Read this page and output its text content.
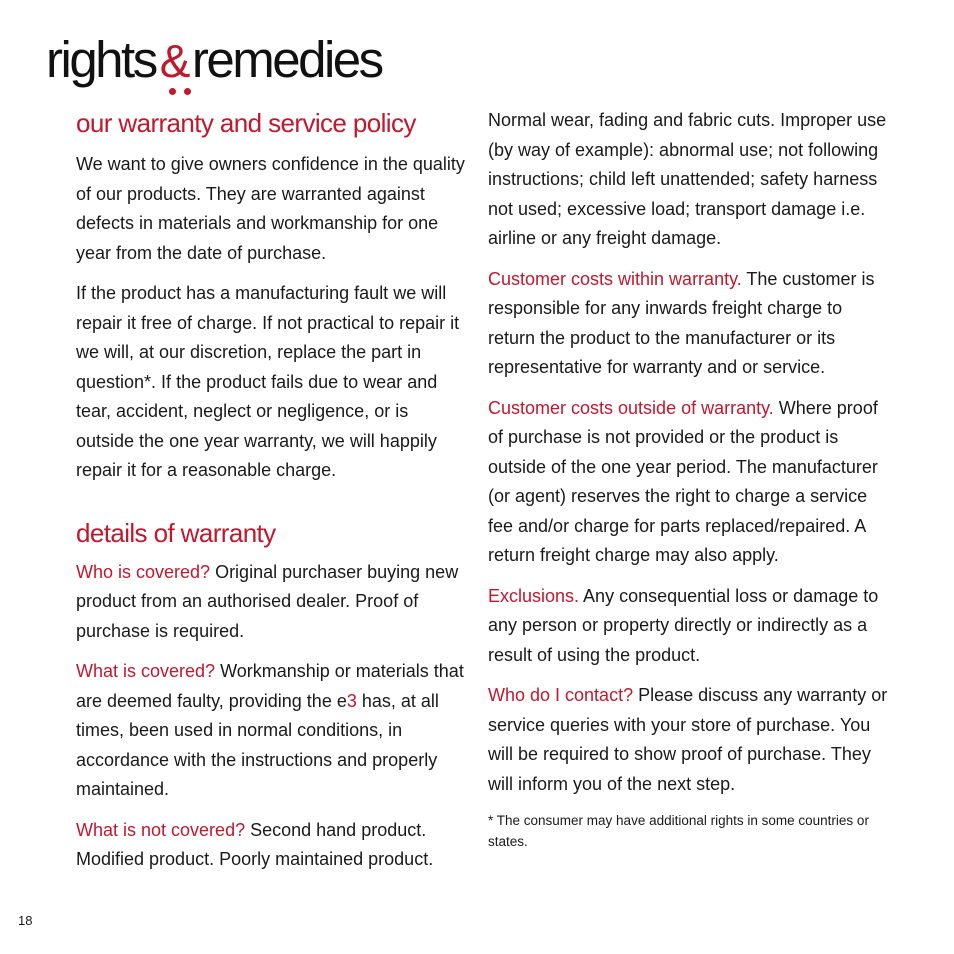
rights&
remedies
our warranty and service policy

We want to give owners confidence in the quality of our products. They are warranted against defects in materials and workmanship for one year from the date of purchase.

If the product has a manufacturing fault we will repair it free of charge. If not practical to repair it we will, at our discretion, replace the part in question*. If the product fails due to wear and tear, accident, neglect or negligence, or is outside the one year warranty, we will happily repair it for a reasonable charge.

details of warranty

Who is covered? Original purchaser buying new product from an authorised dealer. Proof of purchase is required.

What is covered? Workmanship or materials that are deemed faulty, providing the e3 has, at all times, been used in normal conditions, in accordance with the instructions and properly maintained.

What is not covered? Second hand product. Modified product. Poorly maintained product.

Normal wear, fading and fabric cuts. Improper use (by way of example): abnormal use; not following instructions; child left unattended; safety harness not used; excessive load; transport damage i.e. airline or any freight damage.

Customer costs within warranty. The customer is responsible for any inwards freight charge to return the product to the manufacturer or its representative for warranty and or service.

Customer costs outside of warranty. Where proof of purchase is not provided or the product is outside of the one year period. The manufacturer (or agent) reserves the right to charge a service fee and/or charge for parts replaced/repaired. A return freight charge may also apply.

Exclusions. Any consequential loss or damage to any person or property directly or indirectly as a result of using the product.

Who do I contact? Please discuss any warranty or service queries with your store of purchase. You will be required to show proof of purchase. They will inform you of the next step.

* The consumer may have additional rights in some countries or states.

18
